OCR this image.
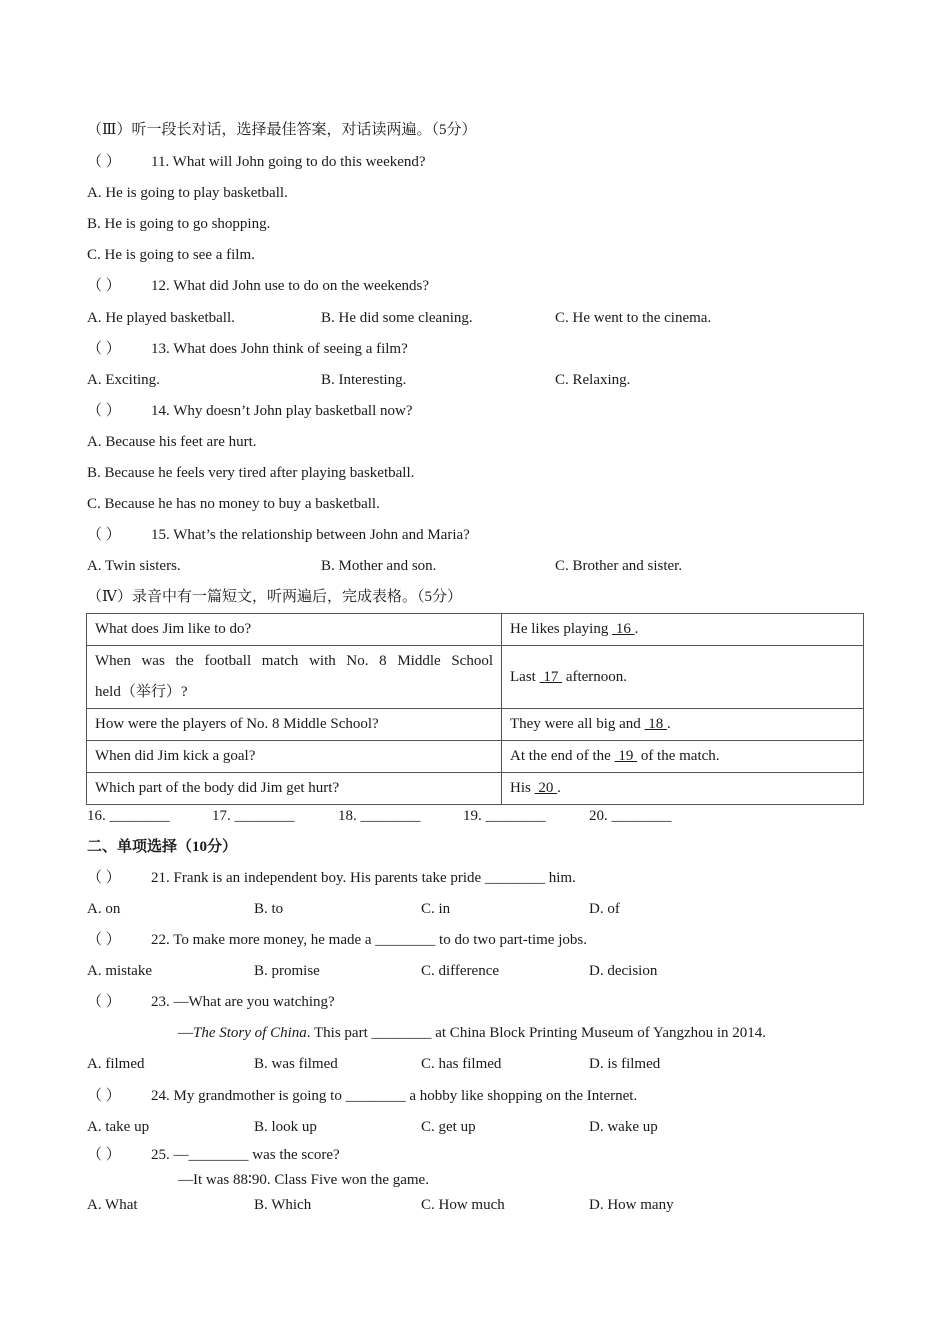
（Ⅲ）听一段长对话，选择最佳答案，对话读两遍。（5分）
（ ） 11. What will John going to do this weekend?
A. He is going to play basketball.
B. He is going to go shopping.
C. He is going to see a film.
（ ） 12. What did John use to do on the weekends?
A. He played basketball.	B. He did some cleaning.	C. He went to the cinema.
（ ） 13. What does John think of seeing a film?
A. Exciting.	B. Interesting.	C. Relaxing.
（ ） 14. Why doesn’t John play basketball now?
A. Because his feet are hurt.
B. Because he feels very tired after playing basketball.
C. Because he has no money to buy a basketball.
（ ） 15. What’s the relationship between John and Maria?
A. Twin sisters.	B. Mother and son.	C. Brother and sister.
（Ⅳ）录音中有一篇短文，听两遍后，完成表格。（5分）
What does Jim like to do?	He likes playing  16 .

When was the football match with No. 8 Middle School
held（举行）?	Last  17  afternoon.
How were the players of No. 8 Middle School?	They were all big and  18 .
When did Jim kick a goal?	At the end of the  19  of the match.
Which part of the body did Jim get hurt?	His  20 .
16. ________	17. ________	18. ________	19. ________	20. ________
二、单项选择（10分）
（ ） 21. Frank is an independent boy. His parents take pride ________ him.
A. on	B. to	C. in	D. of
（ ） 22. To make more money, he made a ________ to do two part-time jobs.
A. mistake	B. promise	C. difference	D. decision
（ ） 23. —What are you watching?
—The Story of China. This part ________ at China Block Printing Museum of Yangzhou in 2014.
A. filmed	B. was filmed	C. has filmed	D. is filmed
（ ） 24. My grandmother is going to ________ a hobby like shopping on the Internet.
A. take up	B. look up	C. get up	D. wake up
（ ） 25. —________ was the score?
—It was 88∶90. Class Five won the game.
A. What	B. Which	C. How much	D. How many
